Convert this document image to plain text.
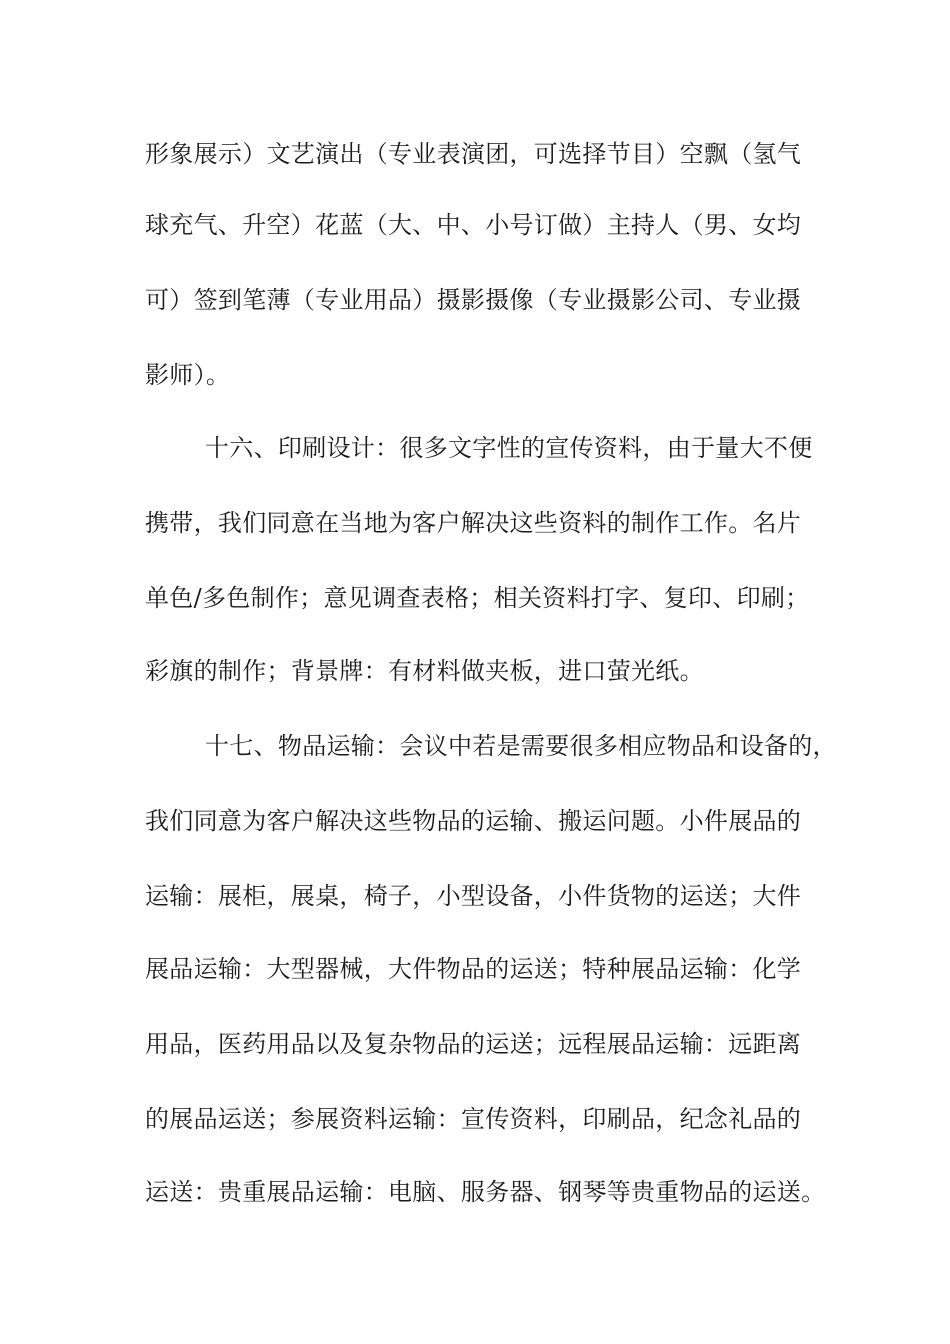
形象展示）文艺演出（专业表演团，可选择节目）空飘（氢气
球充气、升空）花蓝（大、中、小号订做）主持人（男、女均
可）签到笔薄（专业用品）摄影摄像（专业摄影公司、专业摄
影师）。
十六、印刷设计：很多文字性的宣传资料，由于量大不便
携带，我们同意在当地为客户解决这些资料的制作工作。名片
单色/多色制作；意见调查表格；相关资料打字、复印、印刷；
彩旗的制作；背景牌：有材料做夹板，进口萤光纸。
十七、物品运输：会议中若是需要很多相应物品和设备的，
我们同意为客户解决这些物品的运输、搬运问题。小件展品的
运输：展柜，展桌，椅子，小型设备，小件货物的运送；大件
展品运输：大型器械，大件物品的运送；特种展品运输：化学
用品，医药用品以及复杂物品的运送；远程展品运输：远距离
的展品运送；参展资料运输：宣传资料，印刷品，纪念礼品的
运送：贵重展品运输：电脑、服务器、钢琴等贵重物品的运送。
